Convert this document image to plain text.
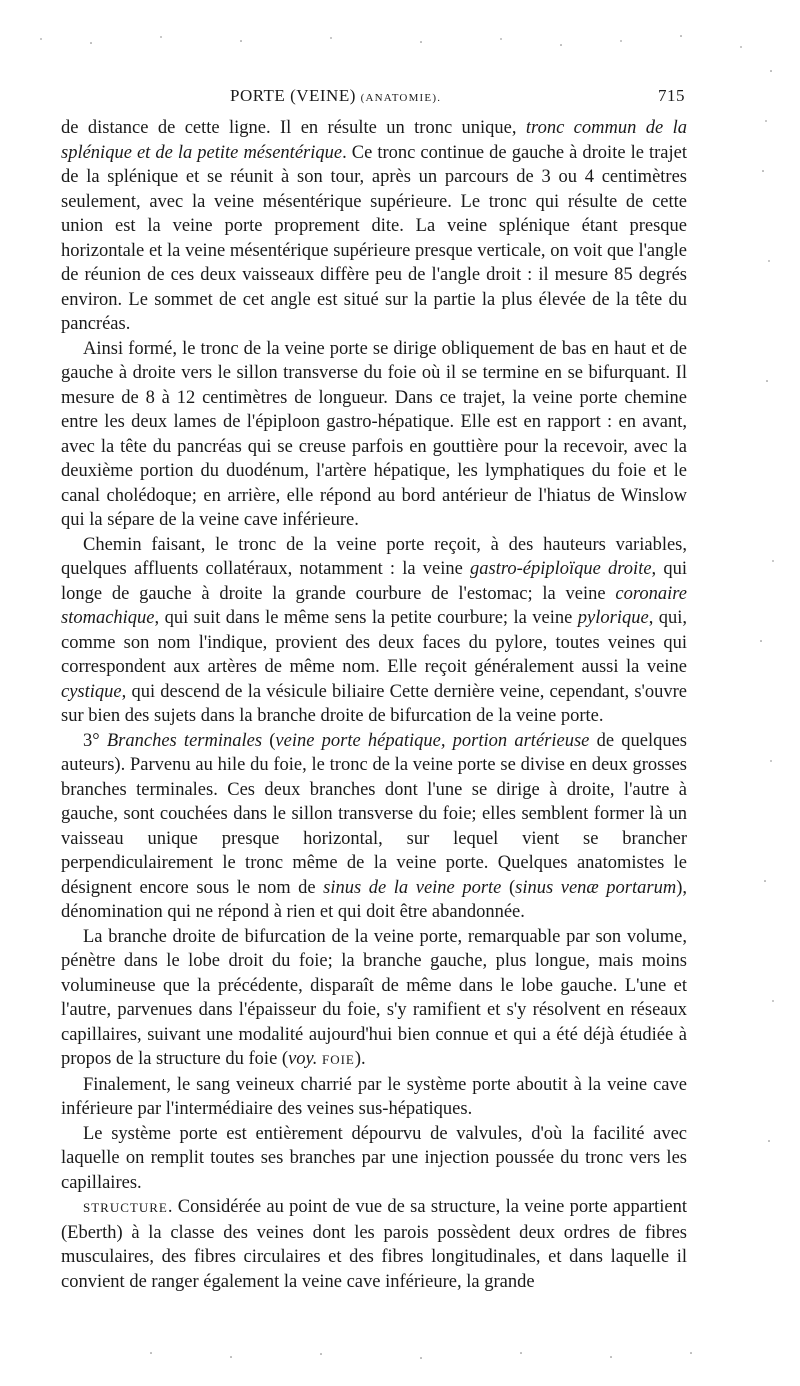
PORTE (VEINE) (ANATOMIE).	715

de distance de cette ligne. Il en résulte un tronc unique, tronc commun de la splénique et de la petite mésentérique. Ce tronc continue de gauche à droite le trajet de la splénique et se réunit à son tour, après un parcours de 3 ou 4 centimètres seulement, avec la veine mésentérique supérieure. Le tronc qui résulte de cette union est la veine porte proprement dite. La veine splénique étant presque horizontale et la veine mésentérique supérieure presque verticale, on voit que l'angle de réunion de ces deux vaisseaux diffère peu de l'angle droit : il mesure 85 degrés environ. Le sommet de cet angle est situé sur la partie la plus élevée de la tête du pancréas.

Ainsi formé, le tronc de la veine porte se dirige obliquement de bas en haut et de gauche à droite vers le sillon transverse du foie où il se termine en se bifurquant. Il mesure de 8 à 12 centimètres de longueur. Dans ce trajet, la veine porte chemine entre les deux lames de l'épiploon gastro-hépatique. Elle est en rapport : en avant, avec la tête du pancréas qui se creuse parfois en gouttière pour la recevoir, avec la deuxième portion du duodénum, l'artère hépatique, les lymphatiques du foie et le canal cholédoque; en arrière, elle répond au bord antérieur de l'hiatus de Winslow qui la sépare de la veine cave inférieure.

Chemin faisant, le tronc de la veine porte reçoit, à des hauteurs variables, quelques affluents collatéraux, notamment : la veine gastro-épiploïque droite, qui longe de gauche à droite la grande courbure de l'estomac; la veine coronaire stomachique, qui suit dans le même sens la petite courbure; la veine pylorique, qui, comme son nom l'indique, provient des deux faces du pylore, toutes veines qui correspondent aux artères de même nom. Elle reçoit généralement aussi la veine cystique, qui descend de la vésicule biliaire Cette dernière veine, cependant, s'ouvre sur bien des sujets dans la branche droite de bifurcation de la veine porte.

3° Branches terminales (veine porte hépatique, portion artérieuse de quelques auteurs). Parvenu au hile du foie, le tronc de la veine porte se divise en deux grosses branches terminales. Ces deux branches dont l'une se dirige à droite, l'autre à gauche, sont couchées dans le sillon transverse du foie; elles semblent former là un vaisseau unique presque horizontal, sur lequel vient se brancher perpendiculairement le tronc même de la veine porte. Quelques anatomistes le désignent encore sous le nom de sinus de la veine porte (sinus venæ portarum), dénomination qui ne répond à rien et qui doit être abandonnée.

La branche droite de bifurcation de la veine porte, remarquable par son volume, pénètre dans le lobe droit du foie; la branche gauche, plus longue, mais moins volumineuse que la précédente, disparaît de même dans le lobe gauche. L'une et l'autre, parvenues dans l'épaisseur du foie, s'y ramifient et s'y résolvent en réseaux capillaires, suivant une modalité aujourd'hui bien connue et qui a été déjà étudiée à propos de la structure du foie (voy. FOIE).

Finalement, le sang veineux charrié par le système porte aboutit à la veine cave inférieure par l'intermédiaire des veines sus-hépatiques.

Le système porte est entièrement dépourvu de valvules, d'où la facilité avec laquelle on remplit toutes ses branches par une injection poussée du tronc vers les capillaires.

STRUCTURE. Considérée au point de vue de sa structure, la veine porte appartient (Eberth) à la classe des veines dont les parois possèdent deux ordres de fibres musculaires, des fibres circulaires et des fibres longitudinales, et dans laquelle il convient de ranger également la veine cave inférieure, la grande
